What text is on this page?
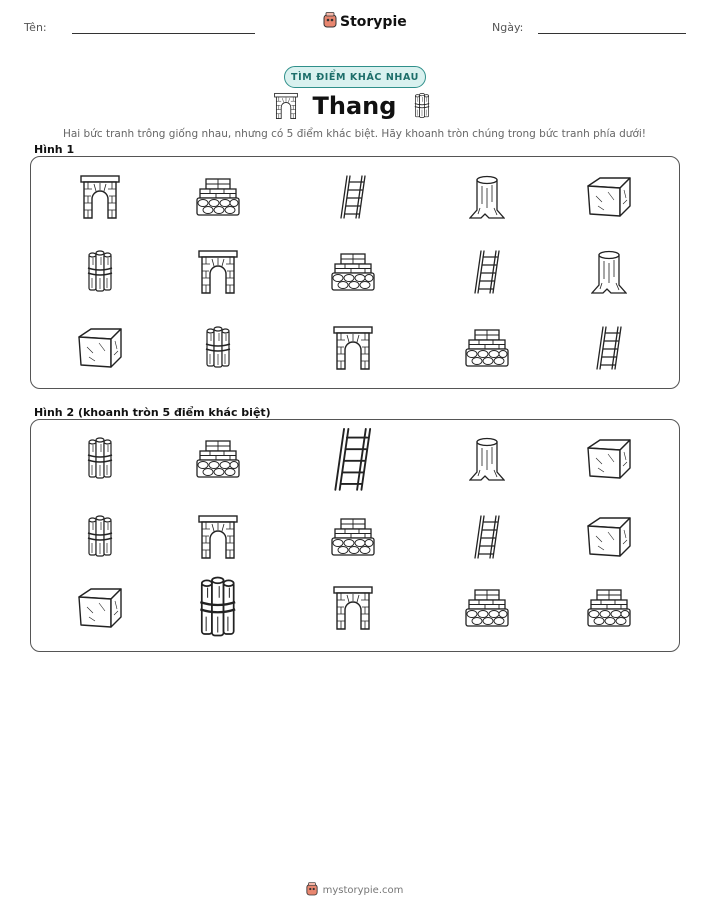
Tên:	Storypie	Ngày:
TÌM ĐIỂM KHÁC NHAU
Thang
Hai bức tranh trông giống nhau, nhưng có 5 điểm khác biệt. Hãy khoanh tròn chúng trong bức tranh phía dưới!
Hình 1
Hình 2 (khoanh tròn 5 điểm khác biệt)
mystorypie.com
